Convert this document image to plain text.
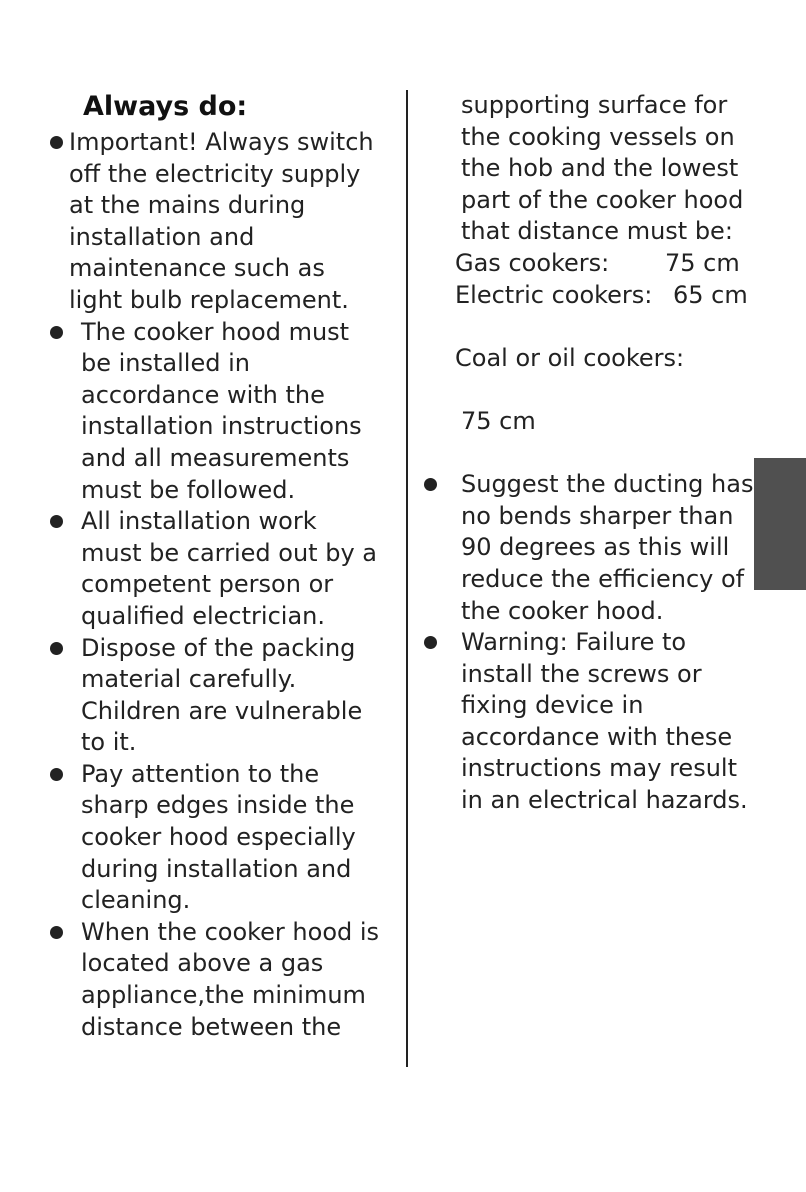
Always do:
Important! Always switch
off the electricity supply
at the mains during
installation and
maintenance such as
light bulb replacement.
The cooker hood must
be installed in
accordance with the
installation instructions
and all measurements
must be followed.
All installation work
must be carried out by a
competent person or
qualified electrician.
Dispose of the packing
material carefully.
Children are vulnerable
to it.
Pay attention to the
sharp edges inside the
cooker hood especially
during installation and
cleaning.
When the cooker hood is
located above a gas
appliance,the minimum
distance between the
supporting surface for
the cooking vessels on
the hob and the lowest
part of the cooker hood
that distance must be:
Gas cookers:	75 cm
Electric cookers: 65 cm

Coal or oil cookers:

75 cm

Suggest the ducting has
no bends sharper than
90 degrees as this will
reduce the efficiency of
the cooker hood.
Warning: Failure to
install the screws or
fixing device in
accordance with these
instructions may result
in an electrical hazards.
